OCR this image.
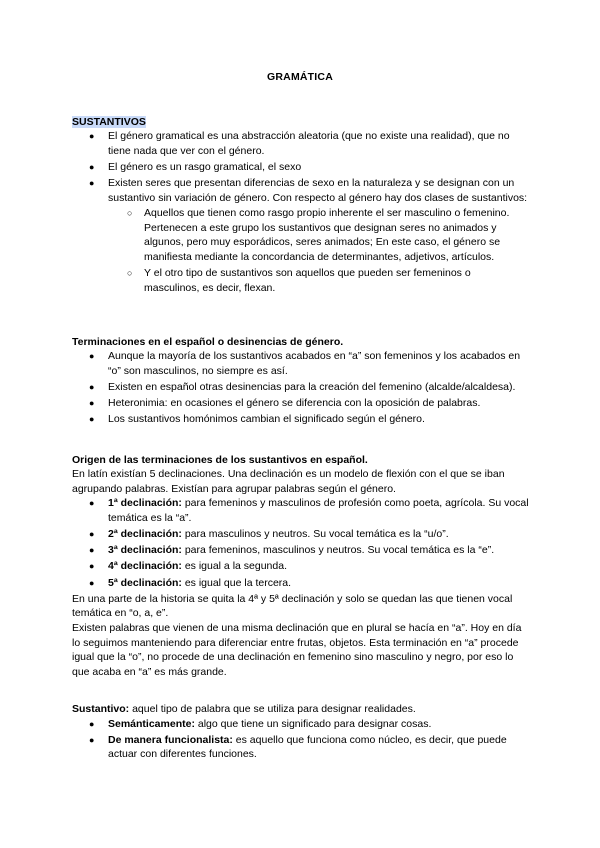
GRAMÁTICA
SUSTANTIVOS
● El género gramatical es una abstracción aleatoria (que no existe una realidad), que no tiene nada que ver con el género.
● El género es un rasgo gramatical, el sexo
● Existen seres que presentan diferencias de sexo en la naturaleza y se designan con un sustantivo sin variación de género. Con respecto al género hay dos clases de sustantivos:
○ Aquellos que tienen como rasgo propio inherente el ser masculino o femenino. Pertenecen a este grupo los sustantivos que designan seres no animados y algunos, pero muy esporádicos, seres animados; En este caso, el género se manifiesta mediante la concordancia de determinantes, adjetivos, artículos.
○ Y el otro tipo de sustantivos son aquellos que pueden ser femeninos o masculinos, es decir, flexan.
Terminaciones en el español o desinencias de género.
● Aunque la mayoría de los sustantivos acabados en “a” son femeninos y los acabados en “o” son masculinos, no siempre es así.
● Existen en español otras desinencias para la creación del femenino (alcalde/alcaldesa).
● Heteronimia: en ocasiones el género se diferencia con la oposición de palabras.
● Los sustantivos homónimos cambian el significado según el género.
Origen de las terminaciones de los sustantivos en español.
En latín existían 5 declinaciones. Una declinación es un modelo de flexión con el que se iban agrupando palabras. Existían para agrupar palabras según el género.
● 1ª declinación: para femeninos y masculinos de profesión como poeta, agrícola. Su vocal temática es la “a”.
● 2ª declinación: para masculinos y neutros. Su vocal temática es la “u/o”.
● 3ª declinación: para femeninos, masculinos y neutros. Su vocal temática es la “e”.
● 4ª declinación: es igual a la segunda.
● 5ª declinación: es igual que la tercera.
En una parte de la historia se quita la 4ª y 5ª declinación y solo se quedan las que tienen vocal temática en “o, a, e”.
Existen palabras que vienen de una misma declinación que en plural se hacía en “a”. Hoy en día lo seguimos manteniendo para diferenciar entre frutas, objetos. Esta terminación en “a” procede igual que la “o”, no procede de una declinación en femenino sino masculino y negro, por eso lo que acaba en “a” es más grande.
Sustantivo: aquel tipo de palabra que se utiliza para designar realidades.
● Semánticamente: algo que tiene un significado para designar cosas.
● De manera funcionalista: es aquello que funciona como núcleo, es decir, que puede actuar con diferentes funciones.
